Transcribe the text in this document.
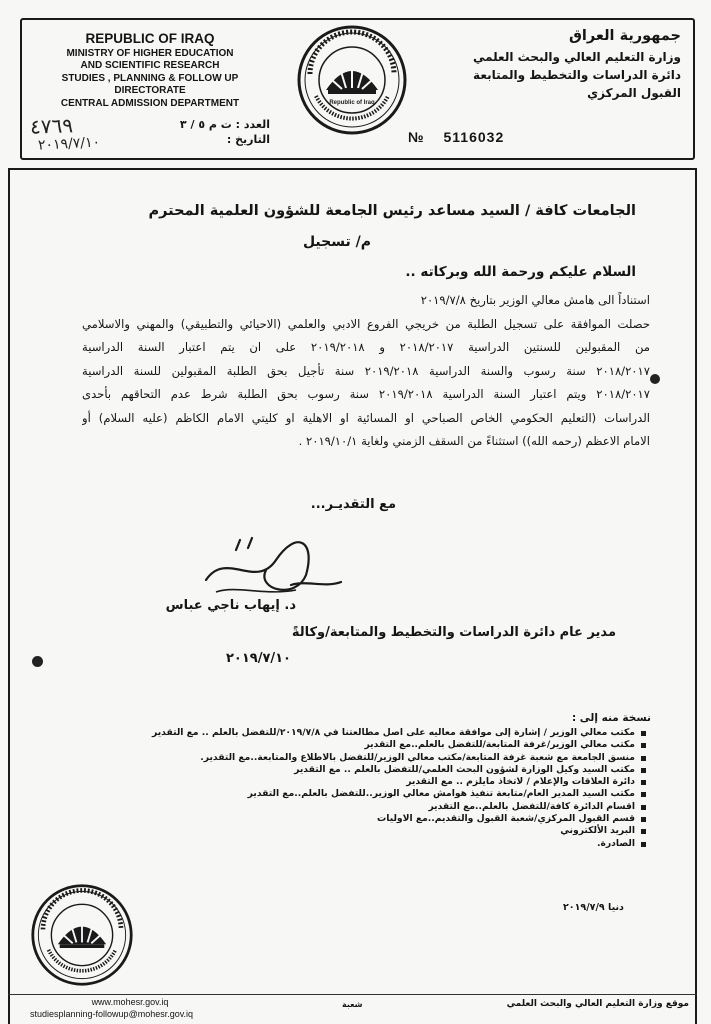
REPUBLIC OF IRAQ
MINISTRY OF HIGHER EDUCATION
AND SCIENTIFIC RESEARCH
STUDIES , PLANNING & FOLLOW UP DIRECTORATE
CENTRAL ADMISSION DEPARTMENT
جمهورية العراق
وزارة التعليم العالي والبحث العلمي
دائرة الدراسات والتخطيط والمتابعة
القبول المركزي
العدد : ت م ٥ / ٣
التاريخ :
٤٧٦٩
٢٠١٩/٧/١٠	№ 5116032
Republic of Iraq
الجامعات كافة / السيد مساعد رئيس الجامعة للشؤون العلمية المحترم
م/ تسجيل
السلام عليكم ورحمة الله وبركاته ..
استناداً الى هامش معالي الوزير بتاريخ ٢٠١٩/٧/٨
حصلت الموافقة على تسجيل الطلبة من خريجي الفروع الادبي والعلمي (الاحيائي والتطبيقي) والمهني والاسلامي
من المقبولين للسنتين الدراسية ٢٠١٨/٢٠١٧ و ٢٠١٩/٢٠١٨ على ان يتم اعتبار السنة الدراسية
٢٠١٨/٢٠١٧ سنة رسوب والسنة الدراسية ٢٠١٩/٢٠١٨ سنة تأجيل بحق الطلبة المقبولين للسنة الدراسية
٢٠١٨/٢٠١٧ ويتم اعتبار السنة الدراسية ٢٠١٩/٢٠١٨ سنة رسوب بحق الطلبة شرط عدم التحاقهم بأحدى
الدراسات (التعليم الحكومي الخاص الصباحي او المسائية او الاهلية او كليتي الامام الكاظم (عليه السلام) أو
الامام الاعظم (رحمه الله)) استثناءً من السقف الزمني ولغاية ٢٠١٩/١٠/١ .
مع التقديـر...
د. إيهاب ناجي عباس
مدير عام دائرة الدراسات والتخطيط والمتابعة/وكالةً
٢٠١٩/٧/١٠
نسخة منه إلى :
مكتب معالي الوزير / إشارة إلى موافقة معاليه على اصل مطالعتنا في ٢٠١٩/٧/٨/للتفضل بالعلم .. مع التقدير
مكتب معالي الوزير/غرفة المتابعة/للتفضل بالعلم..مع التقدير
منسق الجامعة مع شعبة غرفة المتابعة/مكتب معالي الوزير/للتفضل بالاطلاع والمتابعة..مع التقدير.
مكتب السيد وكيل الوزارة لشؤون البحث العلمي/للتفضل بالعلم .. مع التقدير
دائرة العلاقات والإعلام / لاتخاذ مايلزم .. مع التقدير
مكتب السيد المدير العام/متابعة تنفيذ هوامش معالي الوزير..للتفضل بالعلم..مع التقدير
اقسام الدائرة كافة/للتفضل بالعلم..مع التقدير
قسم القبول المركزي/شعبة القبول والتقديم..مع الاوليات
البريد الألكتروني
الصادرة.
دنيا ٢٠١٩/٧/٩
www.mohesr.gov.iq
studiesplanning-followup@mohesr.gov.iq
شعبة	موقع وزارة التعليم العالي والبحث العلمي
